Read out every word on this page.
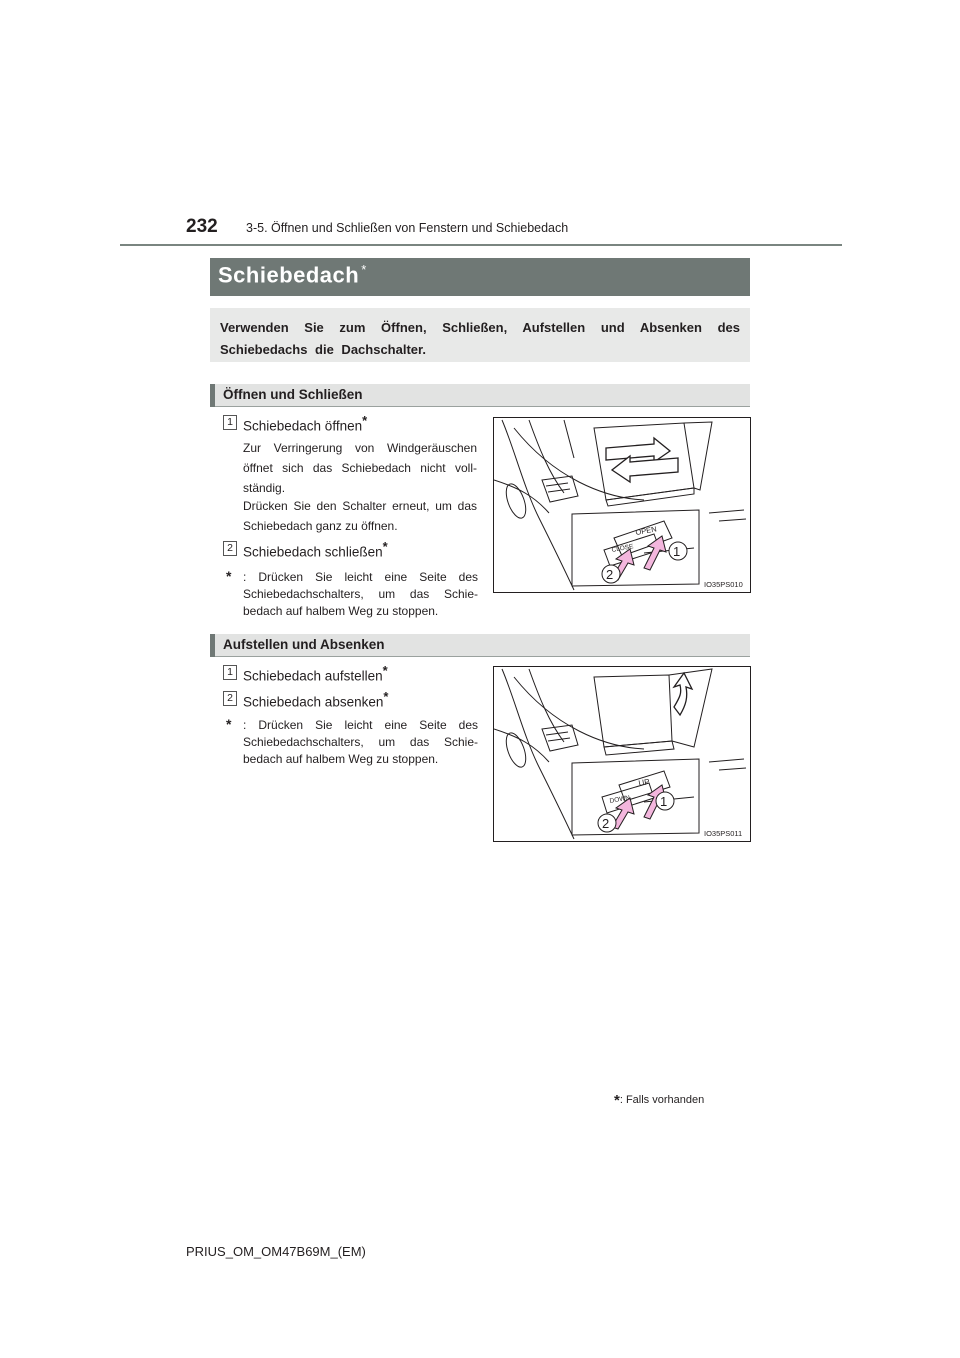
232 3-5. Öffnen und Schließen von Fenstern und Schiebedach
Schiebedach *
Verwenden Sie zum Öffnen, Schließen, Aufstellen und Absenken des Schiebedachs die Dachschalter.
Öffnen und Schließen
1 Schiebedach öffnen*
Zur Verringerung von Windgeräuschen öffnet sich das Schiebedach nicht voll-ständig.
Drücken Sie den Schalter erneut, um das Schiebedach ganz zu öffnen.
2 Schiebedach schließen*
* : Drücken Sie leicht eine Seite des Schiebedachschalters, um das Schie-bedach auf halbem Weg zu stoppen.
OPEN
CLOSE	1
2
IO35PS010
Aufstellen und Absenken
1 Schiebedach aufstellen*
2 Schiebedach absenken*
* : Drücken Sie leicht eine Seite des Schiebedachschalters, um das Schie-bedach auf halbem Weg zu stoppen.
UP
DOWN 1
2
IO35PS011
*: Falls vorhanden
PRIUS_OM_OM47B69M_(EM)
